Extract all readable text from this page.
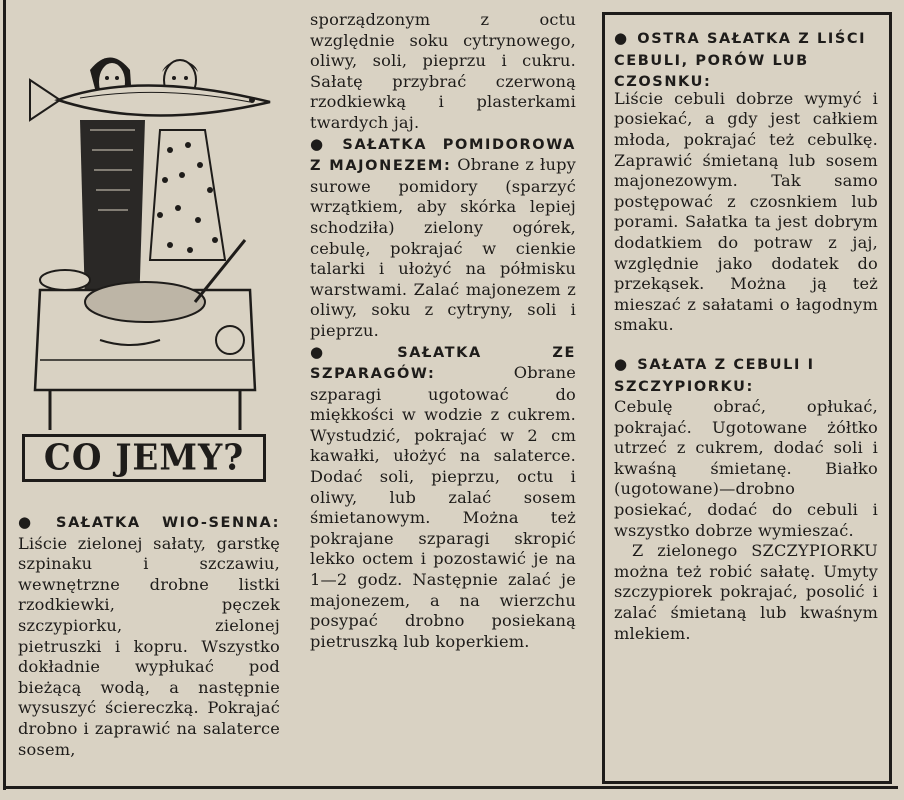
CO JEMY?

● SAŁATKA WIO-SENNA: Liście zielonej sałaty, garstkę szpinaku i szczawiu, wewnętrzne drobne listki rzodkiewki, pęczek szczypiorku, zielonej pietruszki i kopru. Wszystko dokładnie wypłukać pod bieżącą wodą, a następnie wysuszyć ściereczką. Pokrajać drobno i zaprawić na salaterce sosem,

sporządzonym z octu względnie soku cytrynowego, oliwy, soli, pieprzu i cukru. Sałatę przybrać czerwoną rzodkiewką i plasterkami twardych jaj.

● SAŁATKA POMIDOROWA Z MAJONEZEM: Obrane z łupy surowe pomidory (sparzyć wrzątkiem, aby skórka lepiej schodziła) zielony ogórek, cebulę, pokrajać w cienkie talarki i ułożyć na półmisku warstwami. Zalać majonezem z oliwy, soku z cytryny, soli i pieprzu.

● SAŁATKA ZE SZPARAGÓW:	Obrane szparagi ugotować do miękkości w wodzie z cukrem. Wystudzić, pokrajać w 2 cm kawałki, ułożyć na salaterce. Dodać soli, pieprzu, octu i oliwy, lub zalać sosem śmietanowym. Można też pokrajane szparagi skropić lekko octem i pozostawić je na 1—2 godz. Następnie zalać je majonezem, a na wierzchu posypać drobno posiekaną pietruszką lub koperkiem.

● OSTRA SAŁATKA Z LIŚCI CEBULI, PORÓW LUB CZOSNKU:

Liście cebuli dobrze wymyć i posiekać, a gdy jest całkiem młoda, pokrajać też cebulkę. Zaprawić śmietaną lub sosem majonezowym. Tak samo postępować z czosnkiem lub porami. Sałatka ta jest dobrym dodatkiem do potraw z jaj, względnie jako dodatek do przekąsek. Można ją też mieszać z sałatami o łagodnym smaku.

● SAŁATA Z CEBULI I SZCZYPIORKU:

Cebulę obrać, opłukać, pokrajać. Ugotowane żółtko utrzeć z cukrem, dodać soli i kwaśną śmietanę. Białko (ugotowane)—drobno posiekać, dodać do cebuli i wszystko dobrze wymieszać.

Z zielonego SZCZYPIORKU można też robić sałatę. Umyty szczypiorek pokrajać, posolić i zalać śmietaną lub kwaśnym mlekiem.
